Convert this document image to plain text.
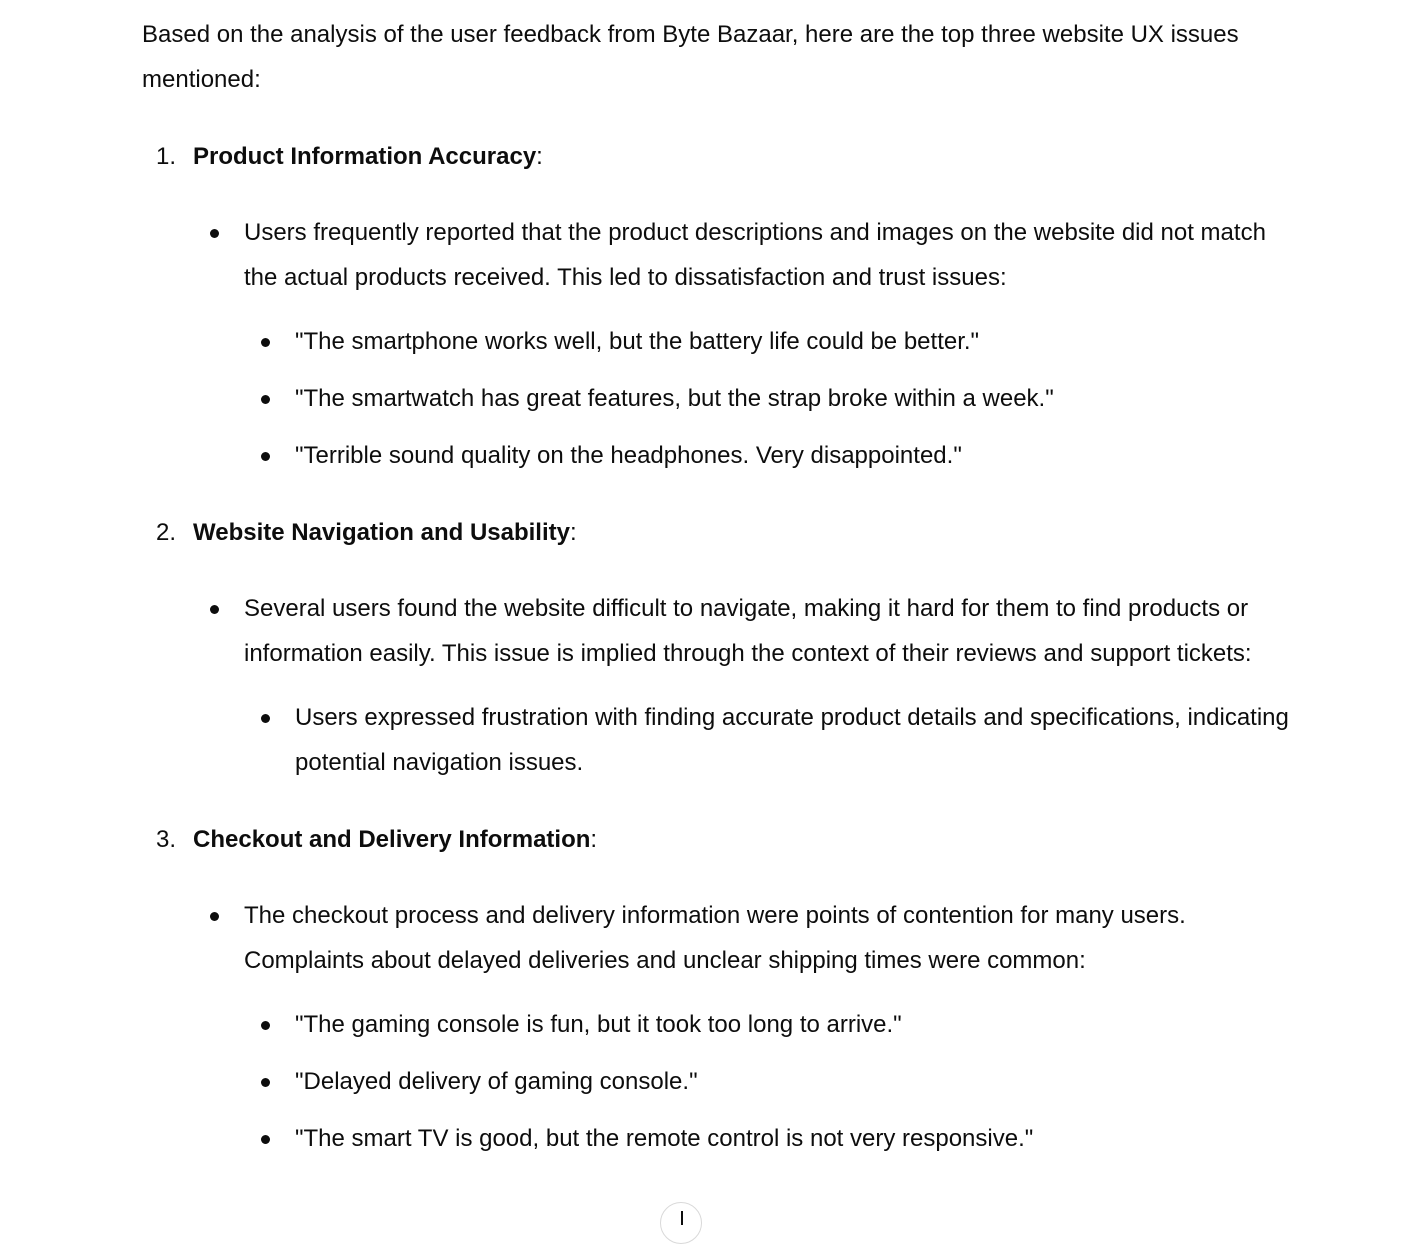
Based on the analysis of the user feedback from Byte Bazaar, here are the top three website UX issues mentioned:

1. Product Information Accuracy:

Users frequently reported that the product descriptions and images on the website did not match the actual products received. This led to dissatisfaction and trust issues:

"The smartphone works well, but the battery life could be better."
"The smartwatch has great features, but the strap broke within a week."
"Terrible sound quality on the headphones. Very disappointed."
2. Website Navigation and Usability:

Several users found the website difficult to navigate, making it hard for them to find products or information easily. This issue is implied through the context of their reviews and support tickets:

Users expressed frustration with finding accurate product details and specifications, indicating potential navigation issues.
3. Checkout and Delivery Information:

The checkout process and delivery information were points of contention for many users. Complaints about delayed deliveries and unclear shipping times were common:

"The gaming console is fun, but it took too long to arrive."
"Delayed delivery of gaming console."
"The smart TV is good, but the remote control is not very responsive."
